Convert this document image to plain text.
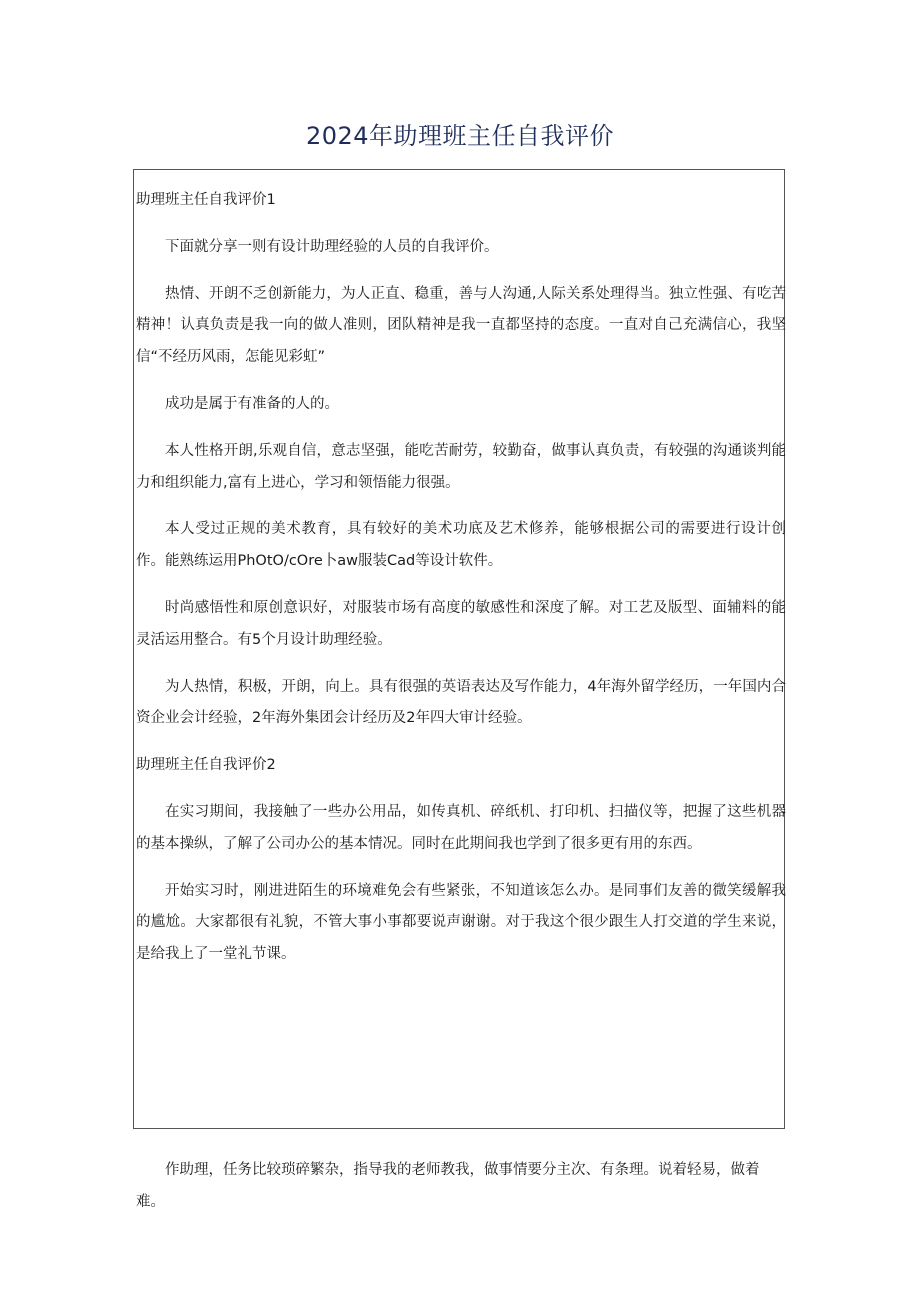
2024年助理班主任自我评价

助理班主任自我评价1

下面就分享一则有设计助理经验的人员的自我评价。

热情、开朗不乏创新能力，为人正直、稳重，善与人沟通,人际关系处理得当。独立性强、有吃苦精神！认真负责是我一向的做人准则，团队精神是我一直都坚持的态度。一直对自己充满信心，我坚信“不经历风雨，怎能见彩虹”

成功是属于有准备的人的。

本人性格开朗,乐观自信，意志坚强，能吃苦耐劳，较勤奋，做事认真负责，有较强的沟通谈判能力和组织能力,富有上进心，学习和领悟能力很强。

本人受过正规的美术教育，具有较好的美术功底及艺术修养，能够根据公司的需要进行设计创作。能熟练运用PhOtO/cOre卜aw服装Cad等设计软件。

时尚感悟性和原创意识好，对服装市场有高度的敏感性和深度了解。对工艺及版型、面辅料的能灵活运用整合。有5个月设计助理经验。

为人热情，积极，开朗，向上。具有很强的英语表达及写作能力，4年海外留学经历，一年国内合资企业会计经验，2年海外集团会计经历及2年四大审计经验。

助理班主任自我评价2

在实习期间，我接触了一些办公用品，如传真机、碎纸机、打印机、扫描仪等，把握了这些机器的基本操纵，了解了公司办公的基本情况。同时在此期间我也学到了很多更有用的东西。

开始实习时，刚进进陌生的环境难免会有些紧张，不知道该怎么办。是同事们友善的微笑缓解我的尴尬。大家都很有礼貌，不管大事小事都要说声谢谢。对于我这个很少跟生人打交道的学生来说，是给我上了一堂礼节课。

作助理，任务比较琐碎繁杂，指导我的老师教我，做事情要分主次、有条理。说着轻易，做着难。
